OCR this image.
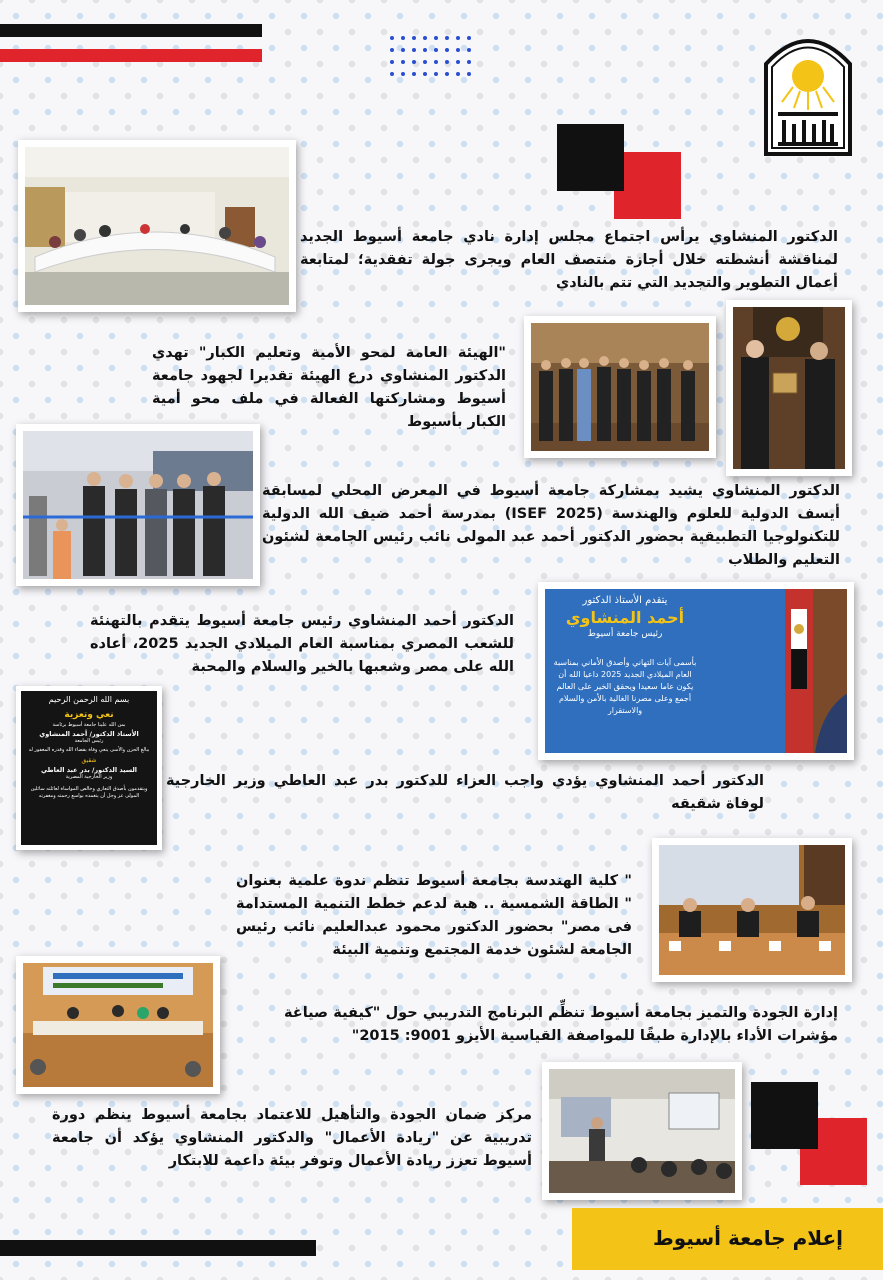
الدكتور المنشاوي يرأس اجتماع مجلس إدارة نادي جامعة أسيوط الجديد لمناقشة أنشطته خلال أجازة منتصف العام ويجرى جولة تفقدية؛ لمتابعة أعمال التطوير والتجديد التي تتم بالنادي
"الهيئة العامة لمحو الأمية وتعليم الكبار" تهدي الدكتور المنشاوي درع الهيئة تقديرا لجهود جامعة أسيوط ومشاركتها الفعالة في ملف محو أمية الكبار بأسيوط
الدكتور المنشاوي يشيد بمشاركة جامعة أسيوط في المعرض المحلي لمسابقة أيسف الدولية للعلوم والهندسة (ISEF 2025) بمدرسة أحمد ضيف الله الدولية للتكنولوجيا التطبيقية بحضور الدكتور أحمد عبد المولى نائب رئيس الجامعة لشئون التعليم والطلاب
يتقدم الأستاذ الدكتور
أحمد المنشاوي
رئيس جامعة أسيوط
بأسمى آيات التهاني وأصدق الأماني بمناسبة العام الميلادي الجديد 2025 داعيا الله أن يكون عاما سعيدا ويحقق الخير على العالم أجمع وعلى مصرنا الغالية بالأمن والسلام والاستقرار
الدكتور أحمد المنشاوي رئيس جامعة أسيوط يتقدم بالتهنئة للشعب المصري بمناسبة العام الميلادي الجديد 2025، أعاده الله على مصر وشعبها بالخير والسلام والمحبة
بسم الله الرحمن الرحيم
نعي وتعزية
بمن الله علينا جامعة أسيوط برئاسة
الأستاذ الدكتور/ أحمد المنشاوي
رئيس الجامعة
ببالغ الحزن والأسى ينعي وفاة بقضاء الله وقدره المغفور له
شقيق
السيد الدكتور/ بدر عبد العاطي
وزير الخارجية المصرية
ويتقدمون بأصدق التعازي وخالص المواساة لعائلته سائلين المولى عز وجل أن يتغمده بواسع رحمته ومغفرته
الدكتور أحمد المنشاوي يؤدي واجب العزاء للدكتور بدر عبد العاطي وزير الخارجية لوفاة شقيقه
" كلية الهندسة بجامعة أسيوط تنظم ندوة علمية بعنوان " الطاقة الشمسية .. هبة لدعم خطط التنمية المستدامة فى مصر" بحضور الدكتور محمود عبدالعليم نائب رئيس الجامعة لشئون خدمة المجتمع وتنمية البيئة
إدارة الجودة والتميز بجامعة أسيوط تنظِّم البرنامج التدريبي حول "كيفية صياغة مؤشرات الأداء بالإدارة طبقًا للمواصفة القياسية الأيزو 9001: 2015"
مركز ضمان الجودة والتأهيل للاعتماد بجامعة أسيوط ينظم دورة تدريبية عن "ريادة الأعمال" والدكتور المنشاوي يؤكد أن جامعة أسيوط تعزز ريادة الأعمال وتوفر بيئة داعمة للابتكار
إعلام جامعة أسيوط
